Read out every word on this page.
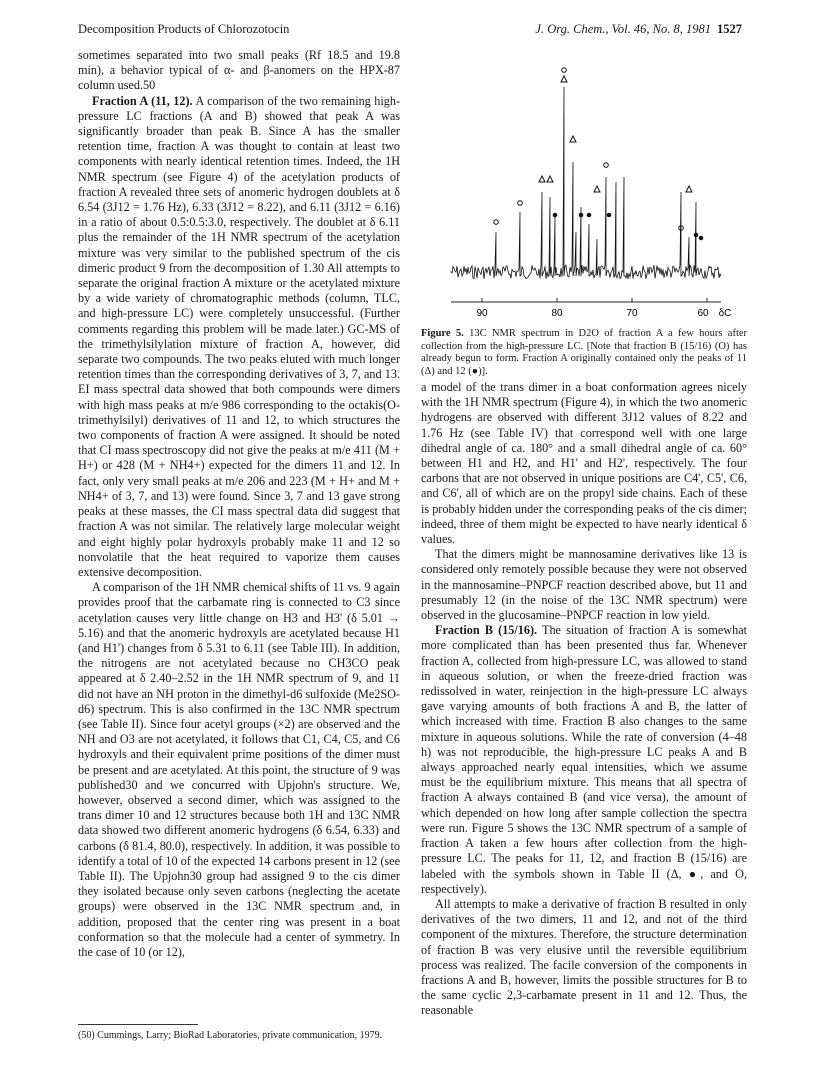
Decomposition Products of Chlorozotocin	J. Org. Chem., Vol. 46, No. 8, 1981 1527

sometimes separated into two small peaks (Rf 18.5 and 19.8 min), a behavior typical of α- and β-anomers on the HPX-87 column used.50

Fraction A (11, 12). A comparison of the two remaining high-pressure LC fractions (A and B) showed that peak A was significantly broader than peak B. Since A has the smaller retention time, fraction A was thought to contain at least two components with nearly identical retention times. Indeed, the 1H NMR spectrum (see Figure 4) of the acetylation products of fraction A revealed three sets of anomeric hydrogen doublets at δ 6.54 (3J12 = 1.76 Hz), 6.33 (3J12 = 8.22), and 6.11 (3J12 = 6.16) in a ratio of about 0.5:0.5:3.0, respectively. The doublet at δ 6.11 plus the remainder of the 1H NMR spectrum of the acetylation mixture was very similar to the published spectrum of the cis dimeric product 9 from the decomposition of 1.30 All attempts to separate the original fraction A mixture or the acetylated mixture by a wide variety of chromatographic methods (column, TLC, and high-pressure LC) were completely unsuccessful. (Further comments regarding this problem will be made later.) GC-MS of the trimethylsilylation mixture of fraction A, however, did separate two compounds. The two peaks eluted with much longer retention times than the corresponding derivatives of 3, 7, and 13. EI mass spectral data showed that both compounds were dimers with high mass peaks at m/e 986 corresponding to the octakis(O-trimethylsilyl) derivatives of 11 and 12, to which structures the two components of fraction A were assigned. It should be noted that CI mass spectroscopy did not give the peaks at m/e 411 (M + H+) or 428 (M + NH4+) expected for the dimers 11 and 12. In fact, only very small peaks at m/e 206 and 223 (M + H+ and M + NH4+ of 3, 7, and 13) were found. Since 3, 7 and 13 gave strong peaks at these masses, the CI mass spectral data did suggest that fraction A was not similar. The relatively large molecular weight and eight highly polar hydroxyls probably make 11 and 12 so nonvolatile that the heat required to vaporize them causes extensive decomposition.

A comparison of the 1H NMR chemical shifts of 11 vs. 9 again provides proof that the carbamate ring is connected to C3 since acetylation causes very little change on H3 and H3' (δ 5.01 → 5.16) and that the anomeric hydroxyls are acetylated because H1 (and H1') changes from δ 5.31 to 6.11 (see Table III). In addition, the nitrogens are not acetylated because no CH3CO peak appeared at δ 2.40–2.52 in the 1H NMR spectrum of 9, and 11 did not have an NH proton in the dimethyl-d6 sulfoxide (Me2SO-d6) spectrum. This is also confirmed in the 13C NMR spectrum (see Table II). Since four acetyl groups (×2) are observed and the NH and O3 are not acetylated, it follows that C1, C4, C5, and C6 hydroxyls and their equivalent prime positions of the dimer must be present and are acetylated. At this point, the structure of 9 was published30 and we concurred with Upjohn's structure. We, however, observed a second dimer, which was assigned to the trans dimer 10 and 12 structures because both 1H and 13C NMR data showed two different anomeric hydrogens (δ 6.54, 6.33) and carbons (δ 81.4, 80.0), respectively. In addition, it was possible to identify a total of 10 of the expected 14 carbons present in 12 (see Table II). The Upjohn30 group had assigned 9 to the cis dimer they isolated because only seven carbons (neglecting the acetate groups) were observed in the 13C NMR spectrum and, in addition, proposed that the center ring was present in a boat conformation so that the molecule had a center of symmetry. In the case of 10 (or 12),

(50) Cummings, Larry; BioRad Laboratories, private communication, 1979.
90	80	70	60 δC
Figure 5. 13C NMR spectrum in D2O of fraction A a few hours after collection from the high-pressure LC. [Note that fraction B (15/16) (O) has already begun to form. Fraction A originally contained only the peaks of 11 (Δ) and 12 (●)].

a model of the trans dimer in a boat conformation agrees nicely with the 1H NMR spectrum (Figure 4), in which the two anomeric hydrogens are observed with different 3J12 values of 8.22 and 1.76 Hz (see Table IV) that correspond well with one large dihedral angle of ca. 180° and a small dihedral angle of ca. 60° between H1 and H2, and H1' and H2', respectively. The four carbons that are not observed in unique positions are C4', C5', C6, and C6', all of which are on the propyl side chains. Each of these is probably hidden under the corresponding peaks of the cis dimer; indeed, three of them might be expected to have nearly identical δ values.

That the dimers might be mannosamine derivatives like 13 is considered only remotely possible because they were not observed in the mannosamine–PNPCF reaction described above, but 11 and presumably 12 (in the noise of the 13C NMR spectrum) were observed in the glucosamine–PNPCF reaction in low yield.

Fraction B (15/16). The situation of fraction A is somewhat more complicated than has been presented thus far. Whenever fraction A, collected from high-pressure LC, was allowed to stand in aqueous solution, or when the freeze-dried fraction was redissolved in water, reinjection in the high-pressure LC always gave varying amounts of both fractions A and B, the latter of which increased with time. Fraction B also changes to the same mixture in aqueous solutions. While the rate of conversion (4–48 h) was not reproducible, the high-pressure LC peaks A and B always approached nearly equal intensities, which we assume must be the equilibrium mixture. This means that all spectra of fraction A always contained B (and vice versa), the amount of which depended on how long after sample collection the spectra were run. Figure 5 shows the 13C NMR spectrum of a sample of fraction A taken a few hours after collection from the high-pressure LC. The peaks for 11, 12, and fraction B (15/16) are labeled with the symbols shown in Table II (Δ, ●, and O, respectively).

All attempts to make a derivative of fraction B resulted in only derivatives of the two dimers, 11 and 12, and not of the third component of the mixtures. Therefore, the structure determination of fraction B was very elusive until the reversible equilibrium process was realized. The facile conversion of the components in fractions A and B, however, limits the possible structures for B to the same cyclic 2,3-carbamate present in 11 and 12. Thus, the reasonable
